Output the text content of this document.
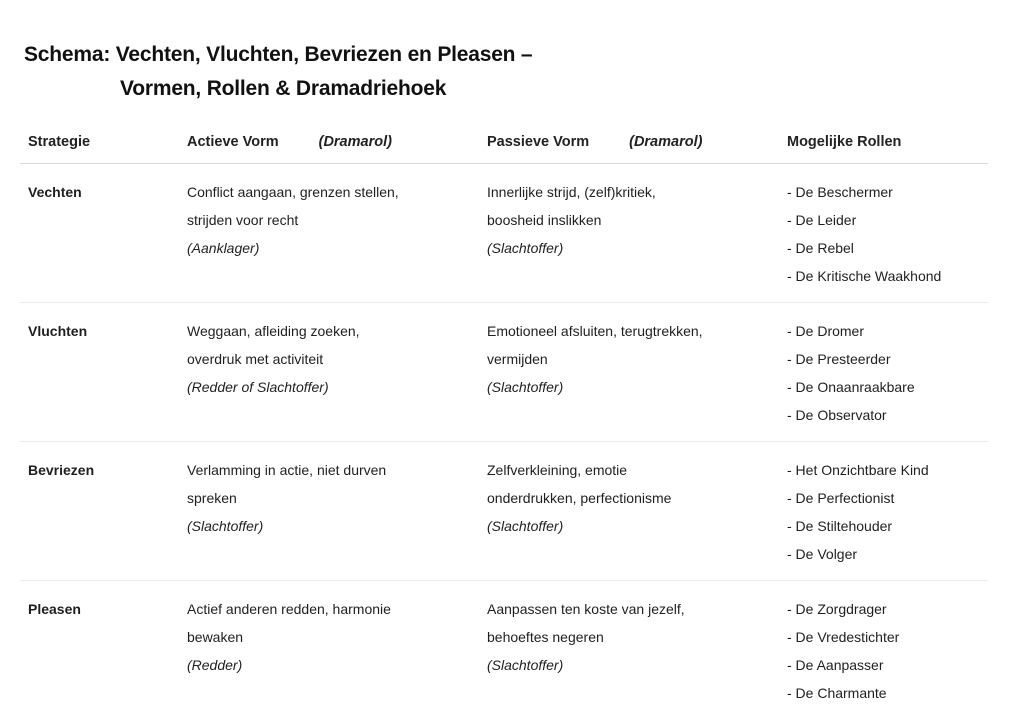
Schema: Vechten, Vluchten, Bevriezen en Pleasen –
Vormen, Rollen & Dramadriehoek
Strategie	Actieve Vorm (Dramarol)	Passieve Vorm (Dramarol)	Mogelijke Rollen
Vechten	Conflict aangaan, grenzen stellen,
strijden voor recht
(Aanklager)	Innerlijke strijd, (zelf)kritiek,
boosheid inslikken
(Slachtoffer)	- De Beschermer
- De Leider
- De Rebel
- De Kritische Waakhond

Vluchten	Weggaan, afleiding zoeken,
overdruk met activiteit
(Redder of Slachtoffer)	Emotioneel afsluiten, terugtrekken,
vermijden
(Slachtoffer)	- De Dromer
- De Presteerder
- De Onaanraakbare
- De Observator

Bevriezen	Verlamming in actie, niet durven
spreken
(Slachtoffer)	Zelfverkleining, emotie
onderdrukken, perfectionisme
(Slachtoffer)	- Het Onzichtbare Kind
- De Perfectionist
- De Stiltehouder
- De Volger

Pleasen	Actief anderen redden, harmonie
bewaken
(Redder)	Aanpassen ten koste van jezelf,
behoeftes negeren
(Slachtoffer)	- De Zorgdrager
- De Vredestichter
- De Aanpasser
- De Charmante
